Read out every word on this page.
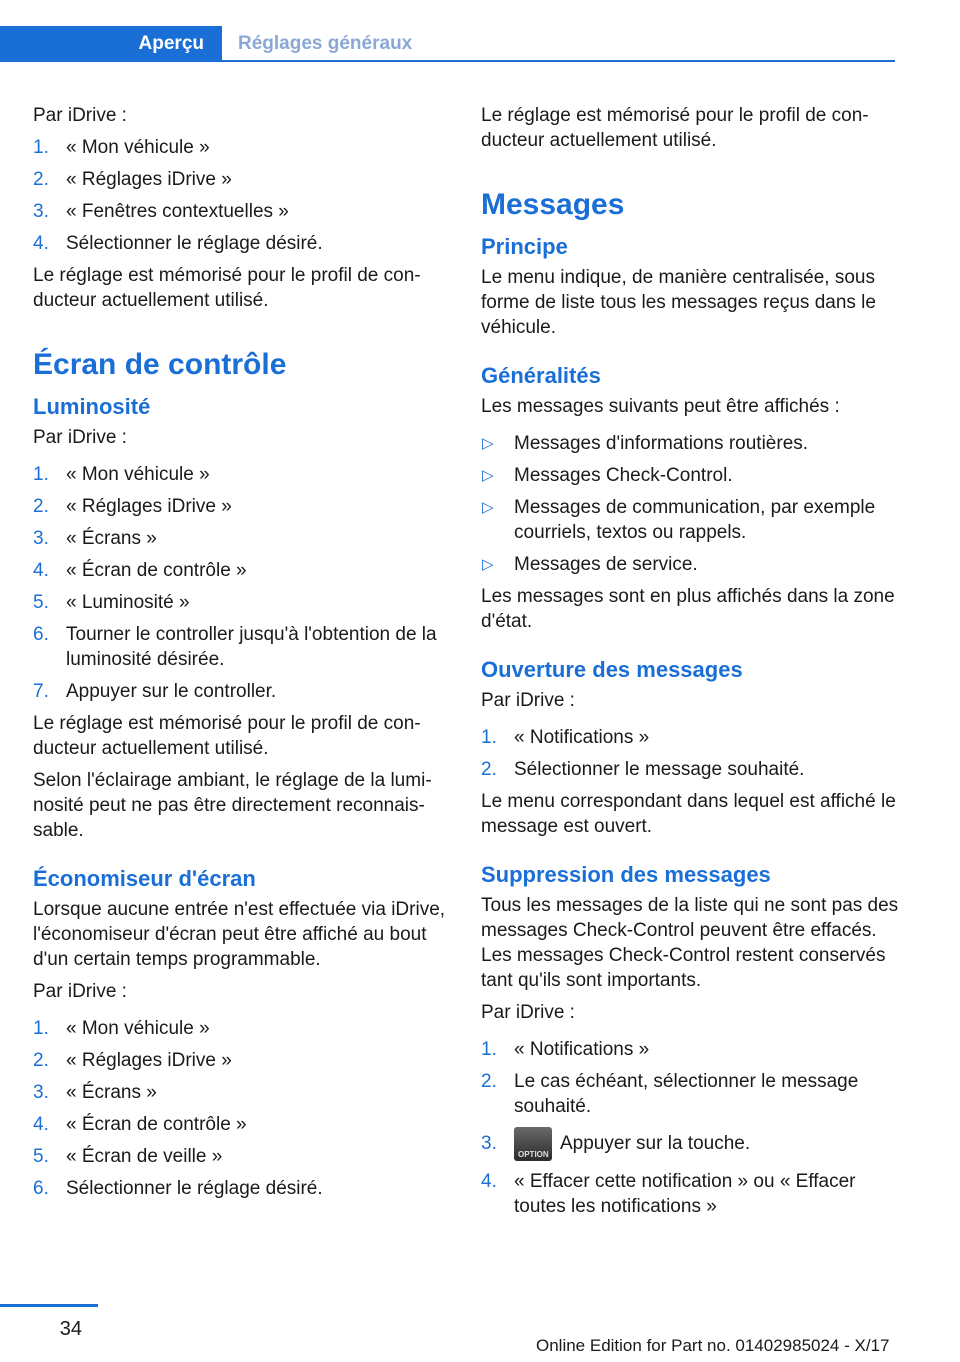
Aperçu Réglages généraux

Par iDrive :

1. « Mon véhicule »
2. « Réglages iDrive »
3. « Fenêtres contextuelles »
4. Sélectionner le réglage désiré.

Le réglage est mémorisé pour le profil de conducteur actuellement utilisé.

Écran de contrôle
Luminosité

Par iDrive :

1. « Mon véhicule »
2. « Réglages iDrive »
3. « Écrans »
4. « Écran de contrôle »
5. « Luminosité »
6. Tourner le controller jusqu'à l'obtention de la luminosité désirée.
7. Appuyer sur le controller.

Le réglage est mémorisé pour le profil de conducteur actuellement utilisé.

Selon l'éclairage ambiant, le réglage de la luminosité peut ne pas être directement reconnaissable.

Économiseur d'écran

Lorsque aucune entrée n'est effectuée via iDrive, l'économiseur d'écran peut être affiché au bout d'un certain temps programmable.

Par iDrive :

1. « Mon véhicule »
2. « Réglages iDrive »
3. « Écrans »
4. « Écran de contrôle »
5. « Écran de veille »
6. Sélectionner le réglage désiré.

Le réglage est mémorisé pour le profil de conducteur actuellement utilisé.

Messages
Principe

Le menu indique, de manière centralisée, sous forme de liste tous les messages reçus dans le véhicule.

Généralités

Les messages suivants peut être affichés :

▷ Messages d'informations routières.
▷ Messages Check-Control.
▷ Messages de communication, par exemple courriels, textos ou rappels.
▷ Messages de service.

Les messages sont en plus affichés dans la zone d'état.

Ouverture des messages

Par iDrive :

1. « Notifications »
2. Sélectionner le message souhaité.

Le menu correspondant dans lequel est affiché le message est ouvert.

Suppression des messages

Tous les messages de la liste qui ne sont pas des messages Check-Control peuvent être effacés. Les messages Check-Control restent conservés tant qu'ils sont importants.

Par iDrive :

1. « Notifications »
2. Le cas échéant, sélectionner le message souhaité.
3.
OPTION
Appuyer sur la touche.
4. « Effacer cette notification » ou « Effacer toutes les notifications »
34
Online Edition for Part no. 01402985024 - X/17
